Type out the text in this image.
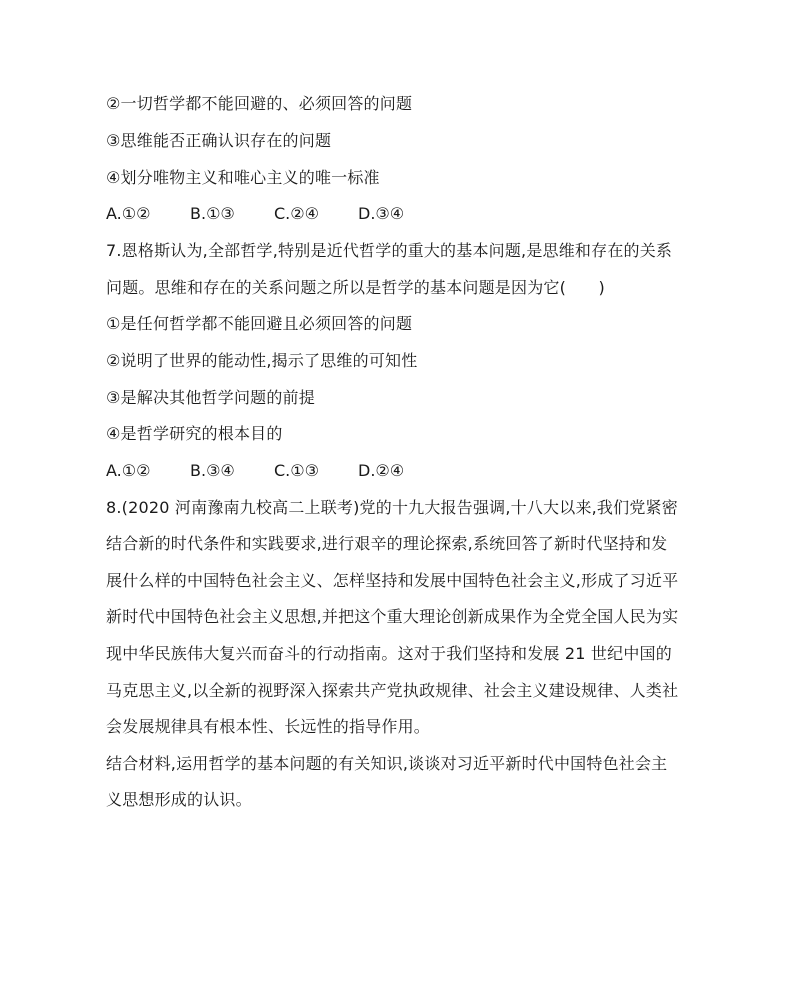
②一切哲学都不能回避的、必须回答的问题
③思维能否正确认识存在的问题
④划分唯物主义和唯心主义的唯一标准
A.①② B.①③ C.②④ D.③④
7.恩格斯认为,全部哲学,特别是近代哲学的重大的基本问题,是思维和存在的关系
问题。思维和存在的关系问题之所以是哲学的基本问题是因为它(　　)
①是任何哲学都不能回避且必须回答的问题
②说明了世界的能动性,揭示了思维的可知性
③是解决其他哲学问题的前提
④是哲学研究的根本目的
A.①② B.③④ C.①③ D.②④
8.(2020 河南豫南九校高二上联考)党的十九大报告强调,十八大以来,我们党紧密
结合新的时代条件和实践要求,进行艰辛的理论探索,系统回答了新时代坚持和发
展什么样的中国特色社会主义、怎样坚持和发展中国特色社会主义,形成了习近平
新时代中国特色社会主义思想,并把这个重大理论创新成果作为全党全国人民为实
现中华民族伟大复兴而奋斗的行动指南。这对于我们坚持和发展 21 世纪中国的
马克思主义,以全新的视野深入探索共产党执政规律、社会主义建设规律、人类社
会发展规律具有根本性、长远性的指导作用。
结合材料,运用哲学的基本问题的有关知识,谈谈对习近平新时代中国特色社会主
义思想形成的认识。
